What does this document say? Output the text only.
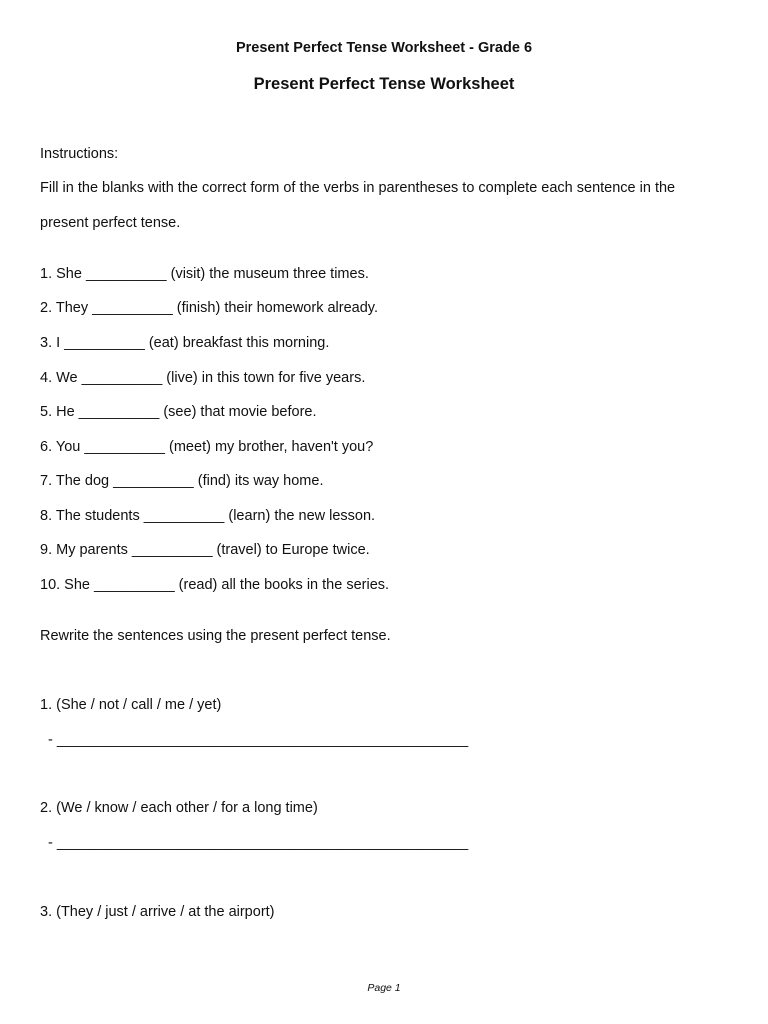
Present Perfect Tense Worksheet - Grade 6
Present Perfect Tense Worksheet
Instructions:
Fill in the blanks with the correct form of the verbs in parentheses to complete each sentence in the
present perfect tense.
1. She __________ (visit) the museum three times.
2. They __________ (finish) their homework already.
3. I __________ (eat) breakfast this morning.
4. We __________ (live) in this town for five years.
5. He __________ (see) that movie before.
6. You __________ (meet) my brother, haven't you?
7. The dog __________ (find) its way home.
8. The students __________ (learn) the new lesson.
9. My parents __________ (travel) to Europe twice.
10. She __________ (read) all the books in the series.
Rewrite the sentences using the present perfect tense.
1. (She / not / call / me / yet)
- ___________________________________________________
2. (We / know / each other / for a long time)
- ___________________________________________________
3. (They / just / arrive / at the airport)
Page 1
